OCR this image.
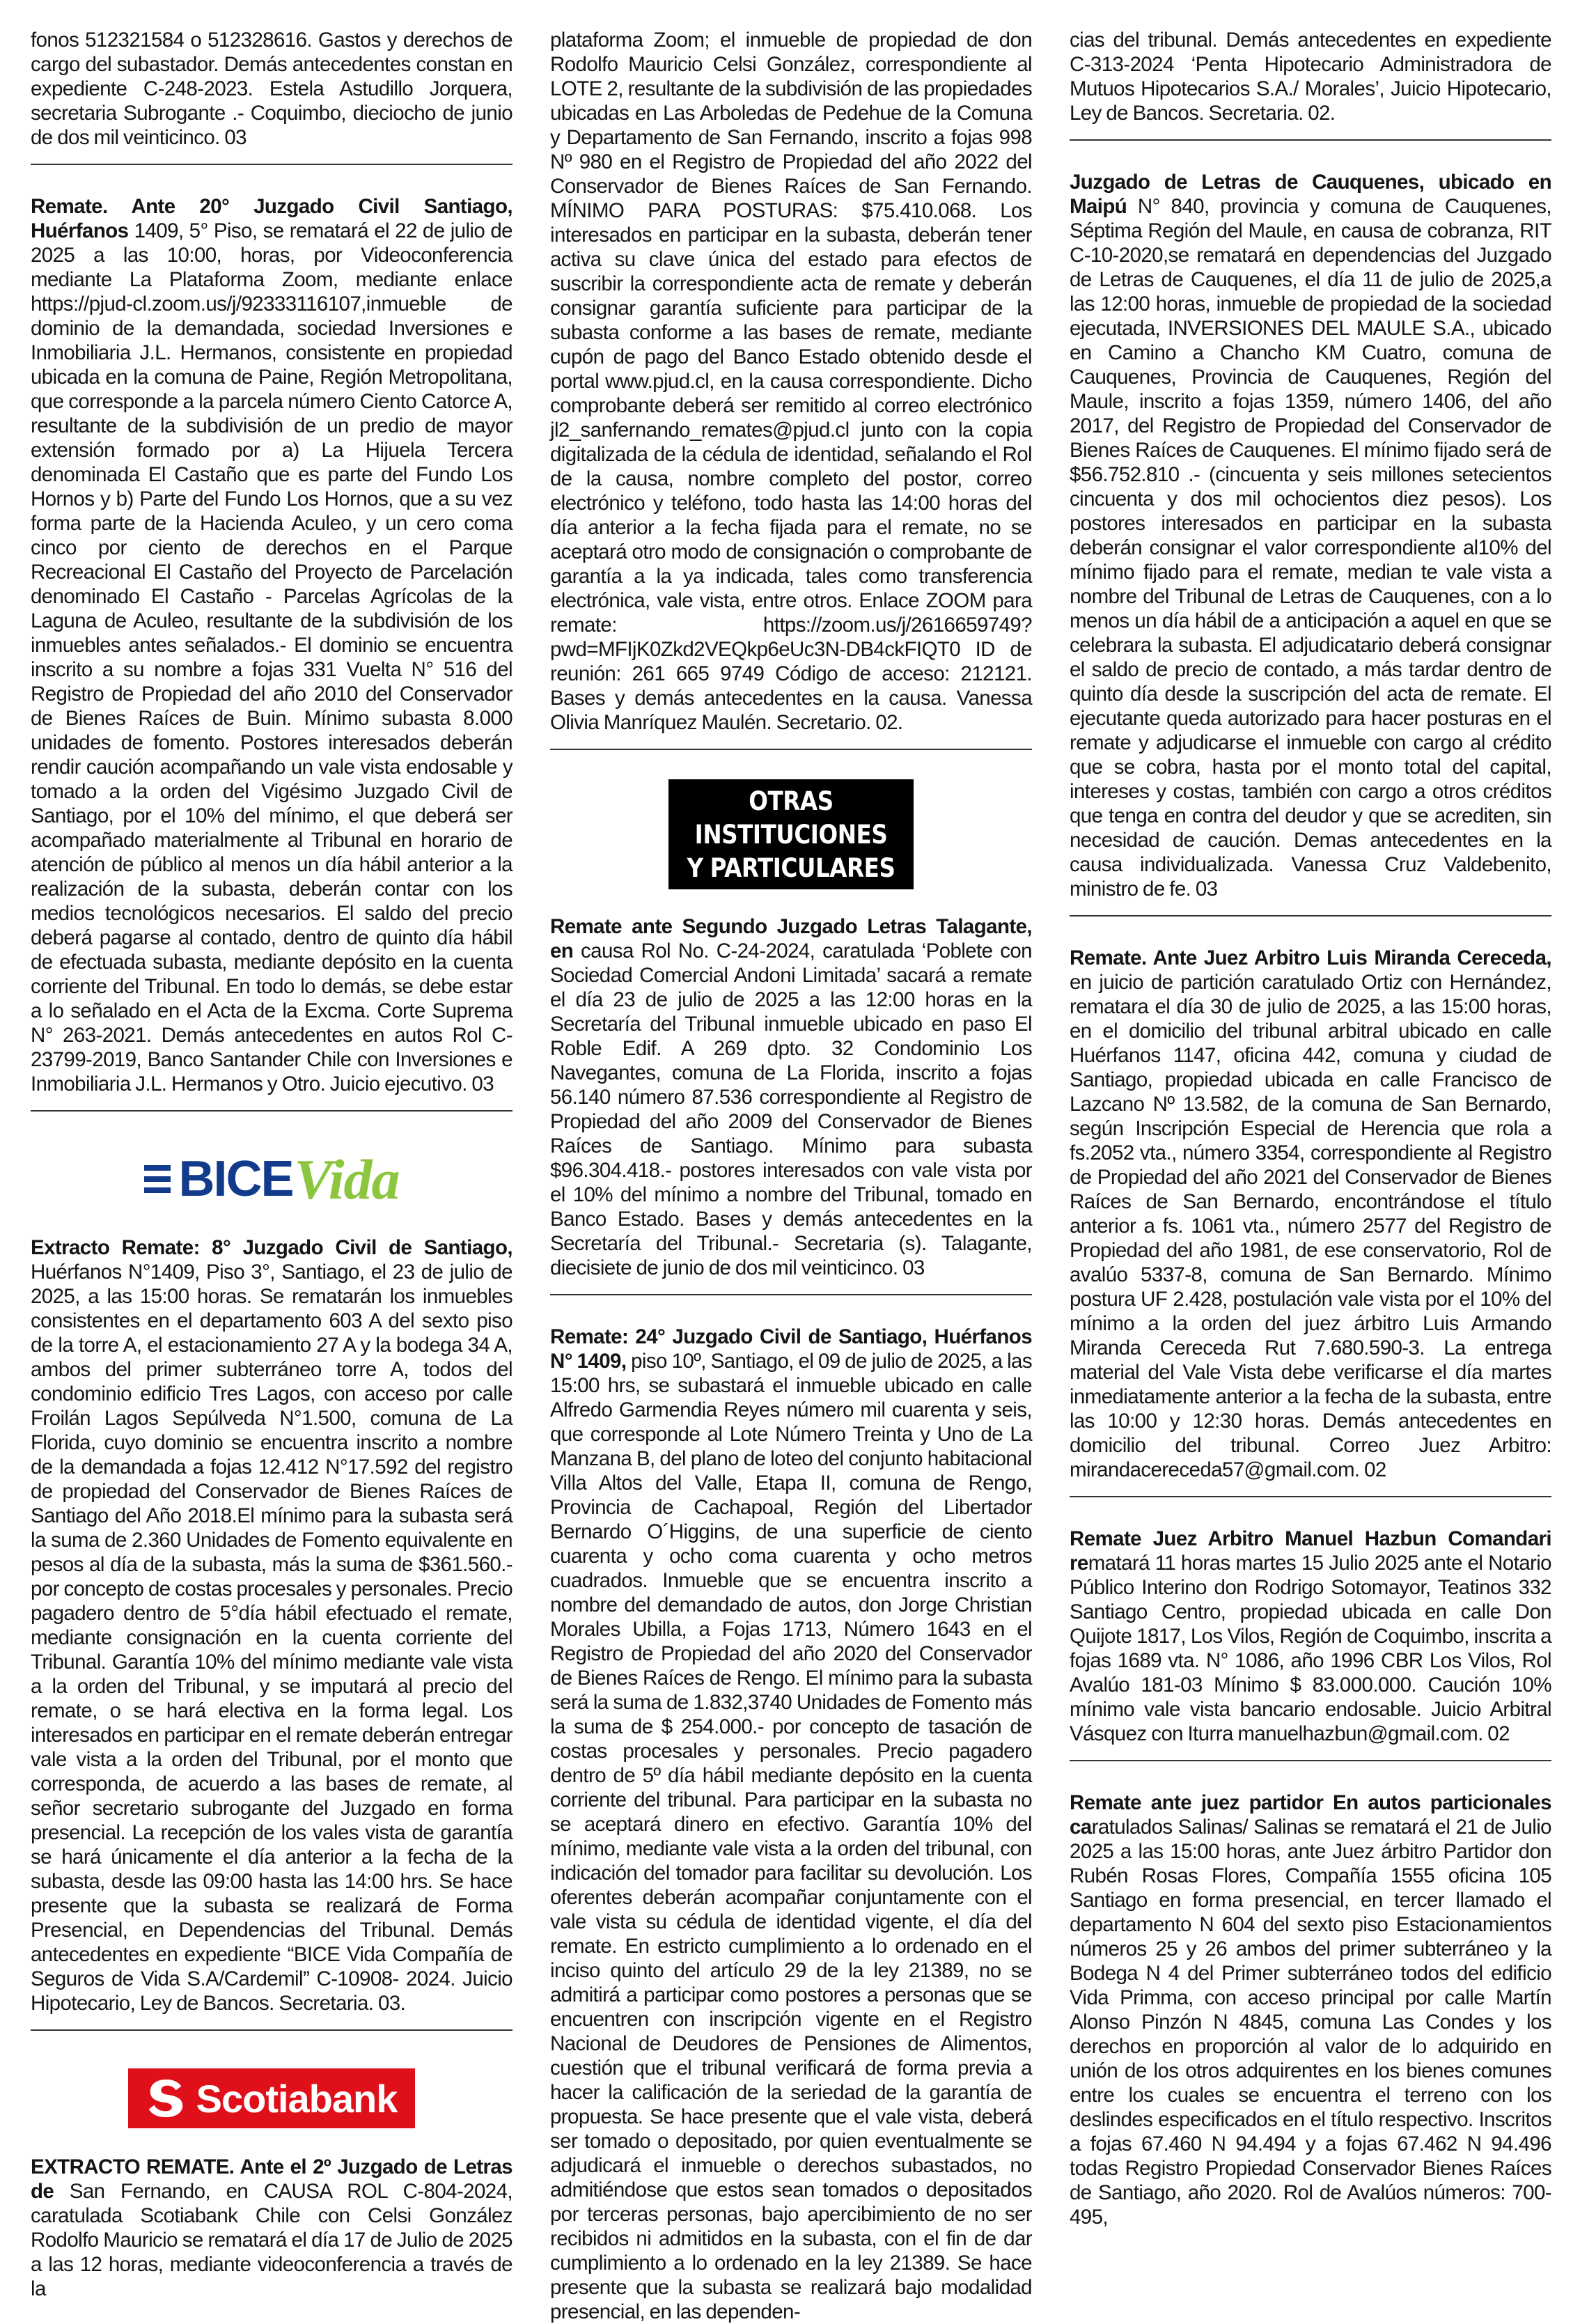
fonos 512321584 o 512328616. Gastos y derechos de cargo del subastador. Demás antecedentes constan en expediente C-248-2023. Estela Astudillo Jorquera, secretaria Subrogante .- Coquimbo, dieciocho de junio de dos mil veinticinco. 03

Remate. Ante 20° Juzgado Civil Santiago, Huérfanos 1409, 5° Piso, se rematará el 22 de julio de 2025 a las 10:00, horas, por Videoconferencia mediante La Plataforma Zoom, mediante enlace https://pjud-cl.zoom.us/j/92333116107,inmueble de dominio de la demandada, sociedad Inversiones e Inmobiliaria J.L. Hermanos, consistente en propiedad ubicada en la comuna de Paine, Región Metropolitana, que corresponde a la parcela número Ciento Catorce A, resultante de la subdivisión de un predio de mayor extensión formado por a) La Hijuela Tercera denominada El Castaño que es parte del Fundo Los Hornos y b) Parte del Fundo Los Hornos, que a su vez forma parte de la Hacienda Aculeo, y un cero coma cinco por ciento de derechos en el Parque Recreacional El Castaño del Proyecto de Parcelación denominado El Castaño - Parcelas Agrícolas de la Laguna de Aculeo, resultante de la subdivisión de los inmuebles antes señalados.- El dominio se encuentra inscrito a su nombre a fojas 331 Vuelta N° 516 del Registro de Propiedad del año 2010 del Conservador de Bienes Raíces de Buin. Mínimo subasta 8.000 unidades de fomento. Postores interesados deberán rendir caución acompañando un vale vista endosable y tomado a la orden del Vigésimo Juzgado Civil de Santiago, por el 10% del mínimo, el que deberá ser acompañado materialmente al Tribunal en horario de atención de público al menos un día hábil anterior a la realización de la subasta, deberán contar con los medios tecnológicos necesarios. El saldo del precio deberá pagarse al contado, dentro de quinto día hábil de efectuada subasta, mediante depósito en la cuenta corriente del Tribunal. En todo lo demás, se debe estar a lo señalado en el Acta de la Excma. Corte Suprema N° 263-2021. Demás antecedentes en autos Rol C-23799-2019, Banco Santander Chile con Inversiones e Inmobiliaria J.L. Hermanos y Otro. Juicio ejecutivo. 03

BICE Vida

Extracto Remate: 8° Juzgado Civil de Santiago, Huérfanos N°1409, Piso 3°, Santiago, el 23 de julio de 2025, a las 15:00 horas. Se rematarán los inmuebles consistentes en el departamento 603 A del sexto piso de la torre A, el estacionamiento 27 A y la bodega 34 A, ambos del primer subterráneo torre A, todos del condominio edificio Tres Lagos, con acceso por calle Froilán Lagos Sepúlveda N°1.500, comuna de La Florida, cuyo dominio se encuentra inscrito a nombre de la demandada a fojas 12.412 N°17.592 del registro de propiedad del Conservador de Bienes Raíces de Santiago del Año 2018.El mínimo para la subasta será la suma de 2.360 Unidades de Fomento equivalente en pesos al día de la subasta, más la suma de $361.560.- por concepto de costas procesales y personales. Precio pagadero dentro de 5°día hábil efectuado el remate, mediante consignación en la cuenta corriente del Tribunal. Garantía 10% del mínimo mediante vale vista a la orden del Tribunal, y se imputará al precio del remate, o se hará electiva en la forma legal. Los interesados en participar en el remate deberán entregar vale vista a la orden del Tribunal, por el monto que corresponda, de acuerdo a las bases de remate, al señor secretario subrogante del Juzgado en forma presencial. La recepción de los vales vista de garantía se hará únicamente el día anterior a la fecha de la subasta, desde las 09:00 hasta las 14:00 hrs. Se hace presente que la subasta se realizará de Forma Presencial, en Dependencias del Tribunal. Demás antecedentes en expediente “BICE Vida Compañía de Seguros de Vida S.A/Cardemil” C-10908- 2024. Juicio Hipotecario, Ley de Bancos. Secretaria. 03.

Scotiabank

EXTRACTO REMATE. Ante el 2º Juzgado de Letras de San Fernando, en CAUSA ROL C-804-2024, caratulada Scotiabank Chile con Celsi González Rodolfo Mauricio se rematará el día 17 de Julio de 2025 a las 12 horas, mediante videoconferencia a través de la

plataforma Zoom; el inmueble de propiedad de don Rodolfo Mauricio Celsi González, correspondiente al LOTE 2, resultante de la subdivisión de las propiedades ubicadas en Las Arboledas de Pedehue de la Comuna y Departamento de San Fernando, inscrito a fojas 998 Nº 980 en el Registro de Propiedad del año 2022 del Conservador de Bienes Raíces de San Fernando. MÍNIMO PARA POSTURAS: $75.410.068. Los interesados en participar en la subasta, deberán tener activa su clave única del estado para efectos de suscribir la correspondiente acta de remate y deberán consignar garantía suficiente para participar de la subasta conforme a las bases de remate, mediante cupón de pago del Banco Estado obtenido desde el portal www.pjud.cl, en la causa correspondiente. Dicho comprobante deberá ser remitido al correo electrónico jl2_sanfernando_remates@pjud.cl junto con la copia digitalizada de la cédula de identidad, señalando el Rol de la causa, nombre completo del postor, correo electrónico y teléfono, todo hasta las 14:00 horas del día anterior a la fecha fijada para el remate, no se aceptará otro modo de consignación o comprobante de garantía a la ya indicada, tales como transferencia electrónica, vale vista, entre otros. Enlace ZOOM para remate: https://zoom.us/j/2616659749?pwd=MFIjK0Zkd2VEQkp6eUc3N-DB4ckFIQT0 ID de reunión: 261 665 9749 Código de acceso: 212121. Bases y demás antecedentes en la causa. Vanessa Olivia Manríquez Maulén. Secretario. 02.

OTRAS INSTITUCIONES
Y PARTICULARES

Remate ante Segundo Juzgado Letras Talagante, en causa Rol No. C-24-2024, caratulada ‘Poblete con Sociedad Comercial Andoni Limitada’ sacará a remate el día 23 de julio de 2025 a las 12:00 horas en la Secretaría del Tribunal inmueble ubicado en paso El Roble Edif. A 269 dpto. 32 Condominio Los Navegantes, comuna de La Florida, inscrito a fojas 56.140 número 87.536 correspondiente al Registro de Propiedad del año 2009 del Conservador de Bienes Raíces de Santiago. Mínimo para subasta $96.304.418.- postores interesados con vale vista por el 10% del mínimo a nombre del Tribunal, tomado en Banco Estado. Bases y demás antecedentes en la Secretaría del Tribunal.- Secretaria (s). Talagante, diecisiete de junio de dos mil veinticinco. 03

Remate: 24° Juzgado Civil de Santiago, Huérfanos N° 1409, piso 10º, Santiago, el 09 de julio de 2025, a las 15:00 hrs, se subastará el inmueble ubicado en calle Alfredo Garmendia Reyes número mil cuarenta y seis, que corresponde al Lote Número Treinta y Uno de La Manzana B, del plano de loteo del conjunto habitacional Villa Altos del Valle, Etapa II, comuna de Rengo, Provincia de Cachapoal, Región del Libertador Bernardo O´Higgins, de una superficie de ciento cuarenta y ocho coma cuarenta y ocho metros cuadrados. Inmueble que se encuentra inscrito a nombre del demandado de autos, don Jorge Christian Morales Ubilla, a Fojas 1713, Número 1643 en el Registro de Propiedad del año 2020 del Conservador de Bienes Raíces de Rengo. El mínimo para la subasta será la suma de 1.832,3740 Unidades de Fomento más la suma de $ 254.000.- por concepto de tasación de costas procesales y personales. Precio pagadero dentro de 5º día hábil mediante depósito en la cuenta corriente del tribunal. Para participar en la subasta no se aceptará dinero en efectivo. Garantía 10% del mínimo, mediante vale vista a la orden del tribunal, con indicación del tomador para facilitar su devolución. Los oferentes deberán acompañar conjuntamente con el vale vista su cédula de identidad vigente, el día del remate. En estricto cumplimiento a lo ordenado en el inciso quinto del artículo 29 de la ley 21389, no se admitirá a participar como postores a personas que se encuentren con inscripción vigente en el Registro Nacional de Deudores de Pensiones de Alimentos, cuestión que el tribunal verificará de forma previa a hacer la calificación de la seriedad de la garantía de propuesta. Se hace presente que el vale vista, deberá ser tomado o depositado, por quien eventualmente se adjudicará el inmueble o derechos subastados, no admitiéndose que estos sean tomados o depositados por terceras personas, bajo apercibimiento de no ser recibidos ni admitidos en la subasta, con el fin de dar cumplimiento a lo ordenado en la ley 21389. Se hace presente que la subasta se realizará bajo modalidad presencial, en las dependen-

cias del tribunal. Demás antecedentes en expediente C-313-2024 ‘Penta Hipotecario Administradora de Mutuos Hipotecarios S.A./ Morales’, Juicio Hipotecario, Ley de Bancos. Secretaria. 02.

Juzgado de Letras de Cauquenes, ubicado en Maipú N° 840, provincia y comuna de Cauquenes, Séptima Región del Maule, en causa de cobranza, RIT C-10-2020,se rematará en dependencias del Juzgado de Letras de Cauquenes, el día 11 de julio de 2025,a las 12:00 horas, inmueble de propiedad de la sociedad ejecutada, INVERSIONES DEL MAULE S.A., ubicado en Camino a Chancho KM Cuatro, comuna de Cauquenes, Provincia de Cauquenes, Región del Maule, inscrito a fojas 1359, número 1406, del año 2017, del Registro de Propiedad del Conservador de Bienes Raíces de Cauquenes. El mínimo fijado será de $56.752.810 .- (cincuenta y seis millones setecientos cincuenta y dos mil ochocientos diez pesos). Los postores interesados en participar en la subasta deberán consignar el valor correspondiente al10% del mínimo fijado para el remate, median te vale vista a nombre del Tribunal de Letras de Cauquenes, con a lo menos un día hábil de a anticipación a aquel en que se celebrara la subasta. El adjudicatario deberá consignar el saldo de precio de contado, a más tardar dentro de quinto día desde la suscripción del acta de remate. El ejecutante queda autorizado para hacer posturas en el remate y adjudicarse el inmueble con cargo al crédito que se cobra, hasta por el monto total del capital, intereses y costas, también con cargo a otros créditos que tenga en contra del deudor y que se acrediten, sin necesidad de caución. Demas antecedentes en la causa individualizada. Vanessa Cruz Valdebenito, ministro de fe. 03

Remate. Ante Juez Arbitro Luis Miranda Cereceda, en juicio de partición caratulado Ortiz con Hernández, rematara el día 30 de julio de 2025, a las 15:00 horas, en el domicilio del tribunal arbitral ubicado en calle Huérfanos 1147, oficina 442, comuna y ciudad de Santiago, propiedad ubicada en calle Francisco de Lazcano Nº 13.582, de la comuna de San Bernardo, según Inscripción Especial de Herencia que rola a fs.2052 vta., número 3354, correspondiente al Registro de Propiedad del año 2021 del Conservador de Bienes Raíces de San Bernardo, encontrándose el título anterior a fs. 1061 vta., número 2577 del Registro de Propiedad del año 1981, de ese conservatorio, Rol de avalúo 5337-8, comuna de San Bernardo. Mínimo postura UF 2.428, postulación vale vista por el 10% del mínimo a la orden del juez árbitro Luis Armando Miranda Cereceda Rut 7.680.590-3. La entrega material del Vale Vista debe verificarse el día martes inmediatamente anterior a la fecha de la subasta, entre las 10:00 y 12:30 horas. Demás antecedentes en domicilio del tribunal. Correo Juez Arbitro: mirandacereceda57@gmail.com. 02

Remate Juez Arbitro Manuel Hazbun Comandari rematará 11 horas martes 15 Julio 2025 ante el Notario Público Interino don Rodrigo Sotomayor, Teatinos 332 Santiago Centro, propiedad ubicada en calle Don Quijote 1817, Los Vilos, Región de Coquimbo, inscrita a fojas 1689 vta. N° 1086, año 1996 CBR Los Vilos, Rol Avalúo 181-03 Mínimo $ 83.000.000. Caución 10% mínimo vale vista bancario endosable. Juicio Arbitral Vásquez con Iturra manuelhazbun@gmail.com. 02

Remate ante juez partidor En autos particionales caratulados Salinas/ Salinas se rematará el 21 de Julio 2025 a las 15:00 horas, ante Juez árbitro Partidor don Rubén Rosas Flores, Compañía 1555 oficina 105 Santiago en forma presencial, en tercer llamado el departamento N 604 del sexto piso Estacionamientos números 25 y 26 ambos del primer subterráneo y la Bodega N 4 del Primer subterráneo todos del edificio Vida Primma, con acceso principal por calle Martín Alonso Pinzón N 4845, comuna Las Condes y los derechos en proporción al valor de lo adquirido en unión de los otros adquirentes en los bienes comunes entre los cuales se encuentra el terreno con los deslindes especificados en el título respectivo. Inscritos a fojas 67.460 N 94.494 y a fojas 67.462 N 94.496 todas Registro Propiedad Conservador Bienes Raíces de Santiago, año 2020. Rol de Avalúos números: 700-495,
